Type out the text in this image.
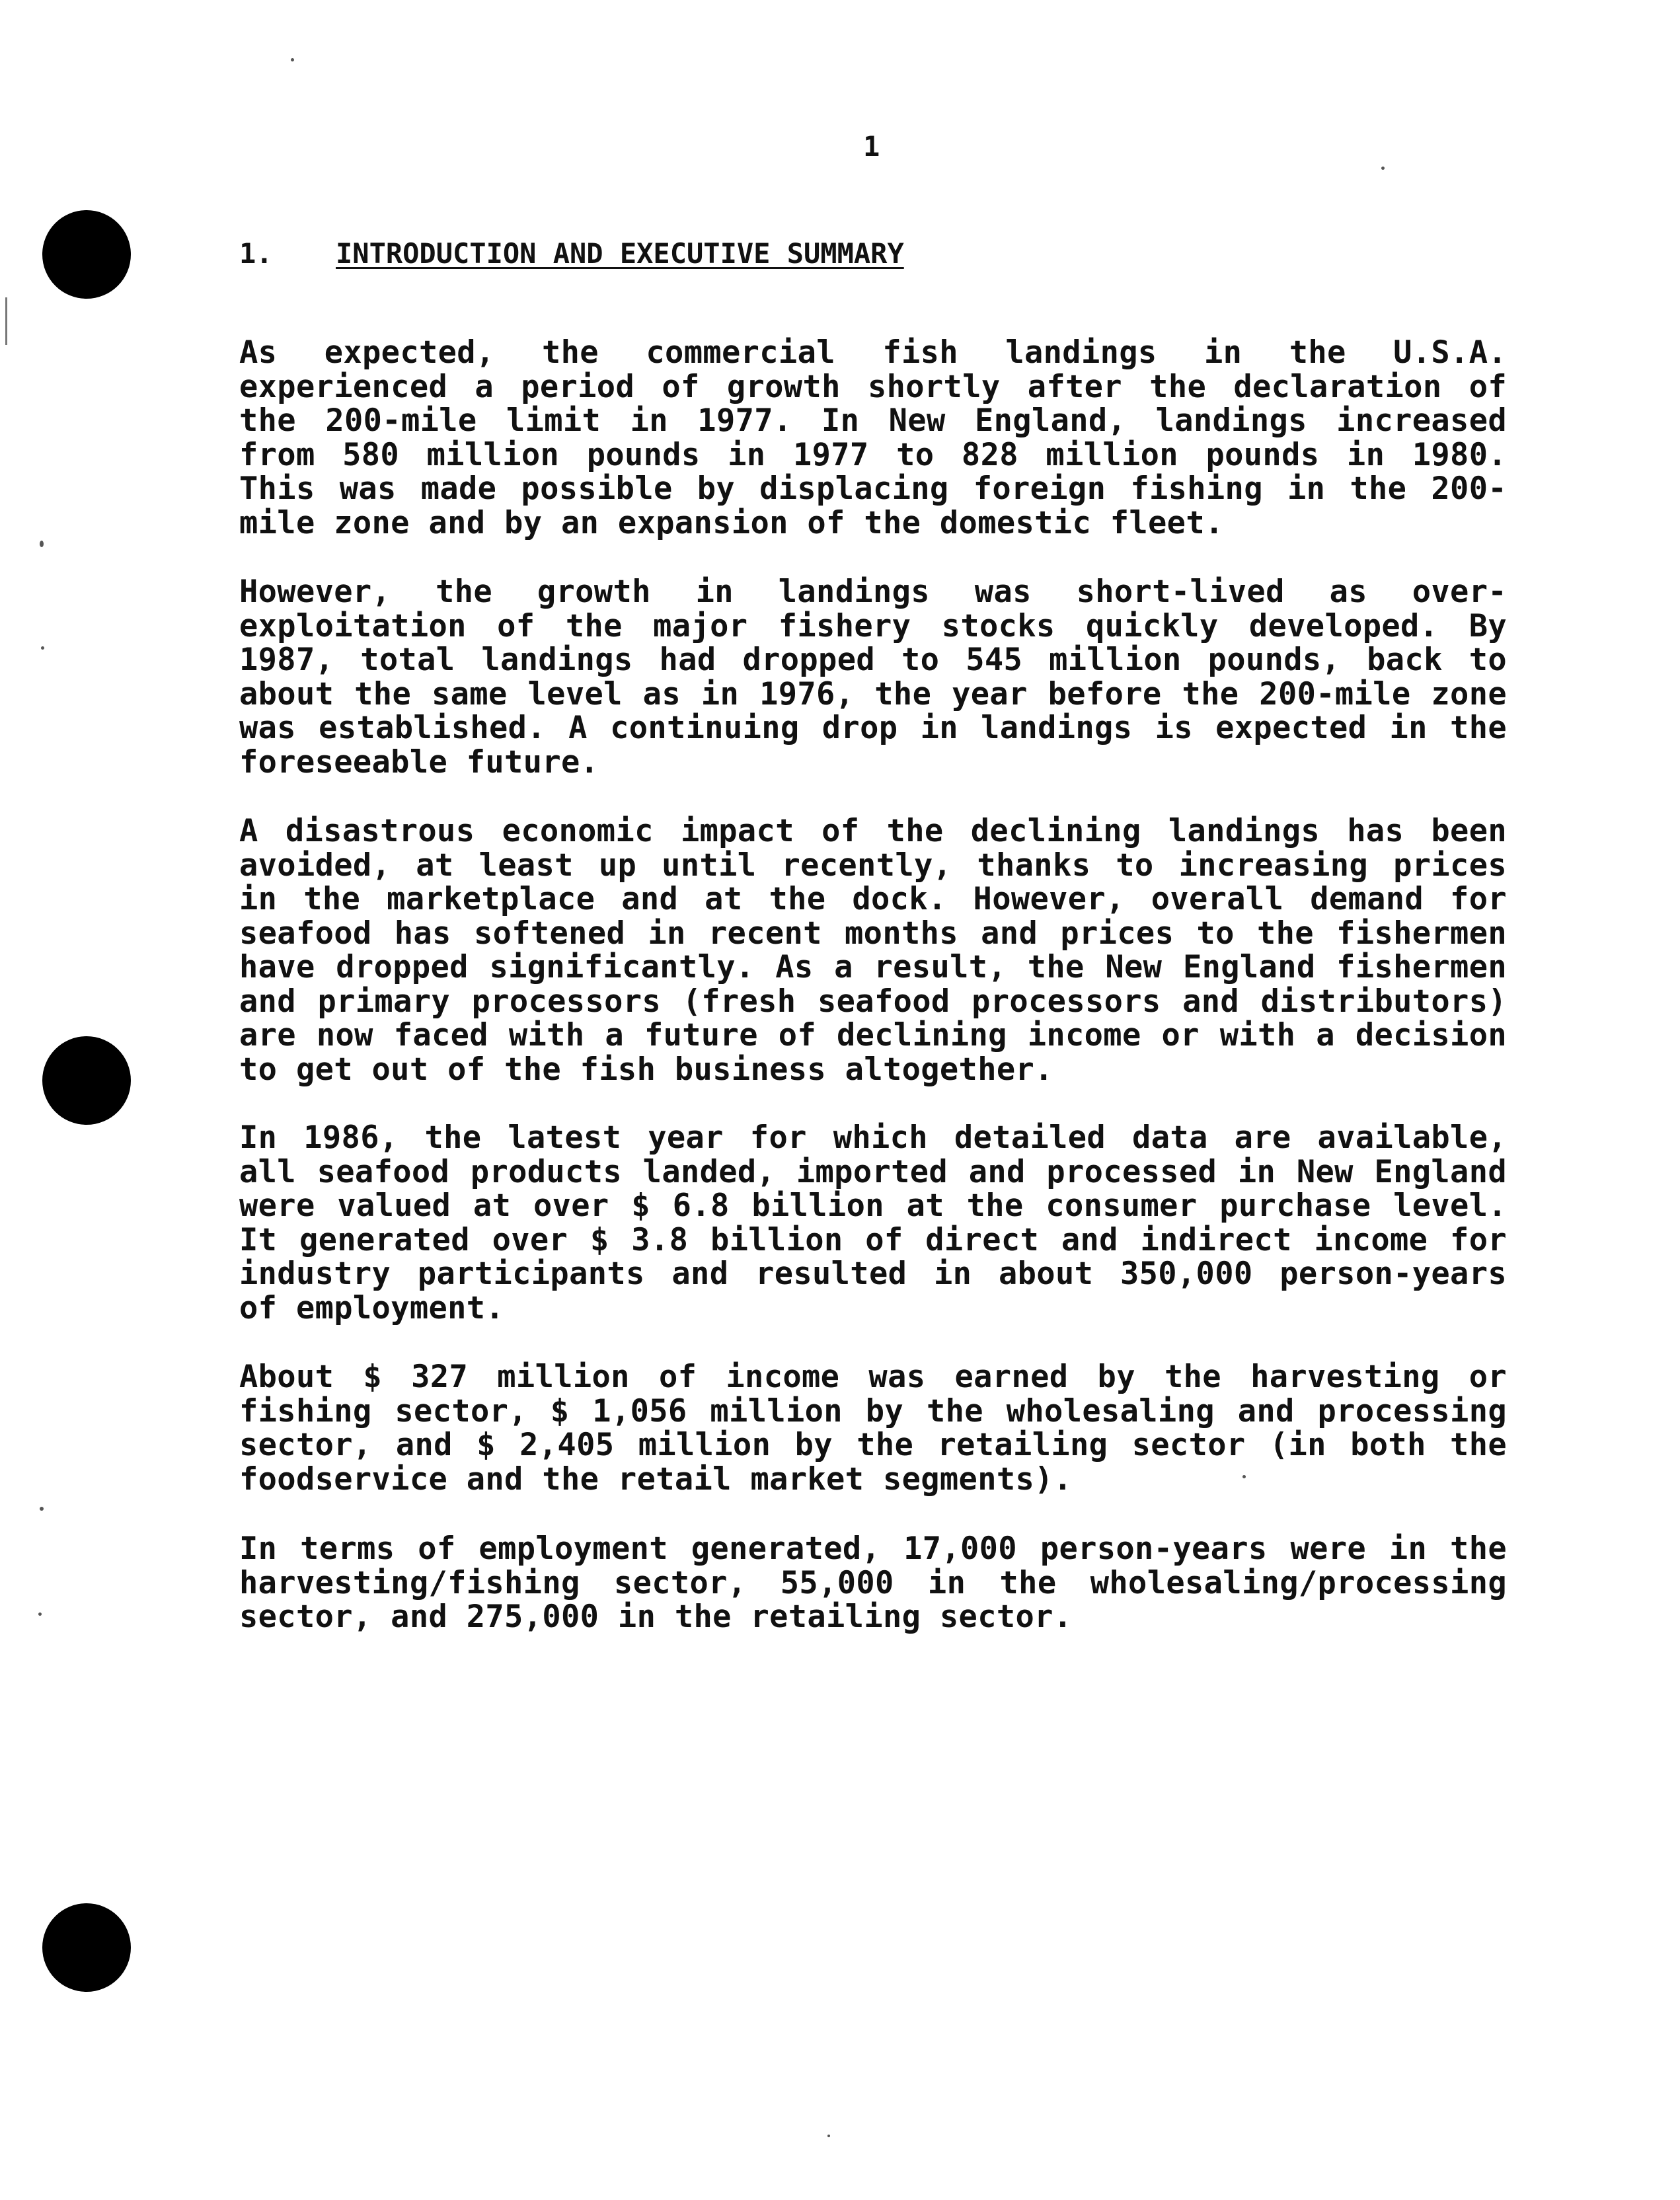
1
1. INTRODUCTION AND EXECUTIVE SUMMARY

As expected, the commercial fish landings in the U.S.A. experienced a period of growth shortly after the declaration of the 200-mile limit in 1977. In New England, landings increased from 580 million pounds in 1977 to 828 million pounds in 1980. This was made possible by displacing foreign fishing in the 200-mile zone and by an expansion of the domestic fleet.

However, the growth in landings was short-lived as over-exploitation of the major fishery stocks quickly developed. By 1987, total landings had dropped to 545 million pounds, back to about the same level as in 1976, the year before the 200-mile zone was established. A continuing drop in landings is expected in the foreseeable future.

A disastrous economic impact of the declining landings has been avoided, at least up until recently, thanks to increasing prices in the marketplace and at the dock. However, overall demand for seafood has softened in recent months and prices to the fishermen have dropped significantly. As a result, the New England fishermen and primary processors (fresh seafood processors and distributors) are now faced with a future of declining income or with a decision to get out of the fish business altogether.

In 1986, the latest year for which detailed data are available, all seafood products landed, imported and processed in New England were valued at over $ 6.8 billion at the consumer purchase level. It generated over $ 3.8 billion of direct and indirect income for industry participants and resulted in about 350,000 person-years of employment.

About $ 327 million of income was earned by the harvesting or fishing sector, $ 1,056 million by the wholesaling and processing sector, and $ 2,405 million by the retailing sector (in both the foodservice and the retail market segments).

In terms of employment generated, 17,000 person-years were in the harvesting/fishing sector, 55,000 in the wholesaling/processing sector, and 275,000 in the retailing sector.
